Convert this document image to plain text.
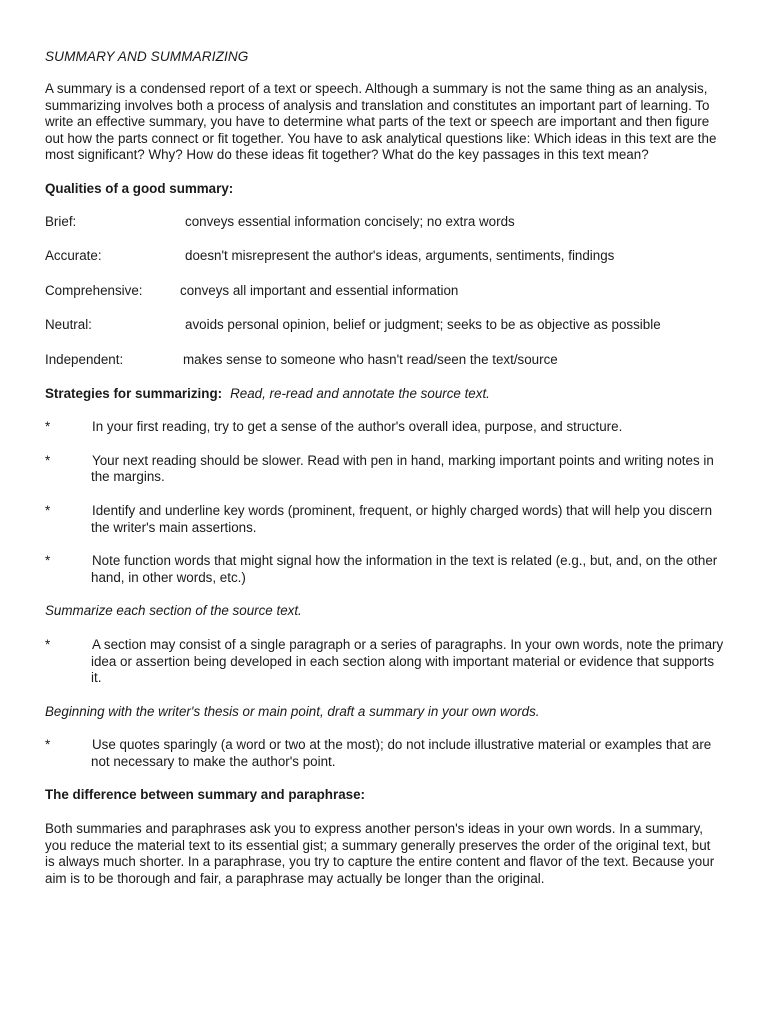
SUMMARY AND SUMMARIZING

A summary is a condensed report of a text or speech. Although a summary is not the same thing as an analysis, summarizing involves both a process of analysis and translation and constitutes an important part of learning. To write an effective summary, you have to determine what parts of the text or speech are important and then figure out how the parts connect or fit together. You have to ask analytical questions like: Which ideas in this text are the most significant? Why? How do these ideas fit together? What do the key passages in this text mean?

Qualities of a good summary:

Brief:	conveys essential information concisely; no extra words
Accurate:	doesn't misrepresent the author's ideas, arguments, sentiments, findings
Comprehensive:	conveys all important and essential information
Neutral:	avoids personal opinion, belief or judgment; seeks to be as objective as possible
Independent:	makes sense to someone who hasn't read/seen the text/source

Strategies for summarizing: Read, re-read and annotate the source text.

*	In your first reading, try to get a sense of the author's overall idea, purpose, and structure.
*	Your next reading should be slower. Read with pen in hand, marking important points and writing notes in the margins.
*	Identify and underline key words (prominent, frequent, or highly charged words) that will help you discern the writer's main assertions.
*	Note function words that might signal how the information in the text is related (e.g., but, and, on the other hand, in other words, etc.)

Summarize each section of the source text.

*	A section may consist of a single paragraph or a series of paragraphs. In your own words, note the primary idea or assertion being developed in each section along with important material or evidence that supports it.

Beginning with the writer's thesis or main point, draft a summary in your own words.

*	Use quotes sparingly (a word or two at the most); do not include illustrative material or examples that are not necessary to make the author's point.

The difference between summary and paraphrase:

Both summaries and paraphrases ask you to express another person's ideas in your own words. In a summary, you reduce the material text to its essential gist; a summary generally preserves the order of the original text, but is always much shorter. In a paraphrase, you try to capture the entire content and flavor of the text. Because your aim is to be thorough and fair, a paraphrase may actually be longer than the original.
